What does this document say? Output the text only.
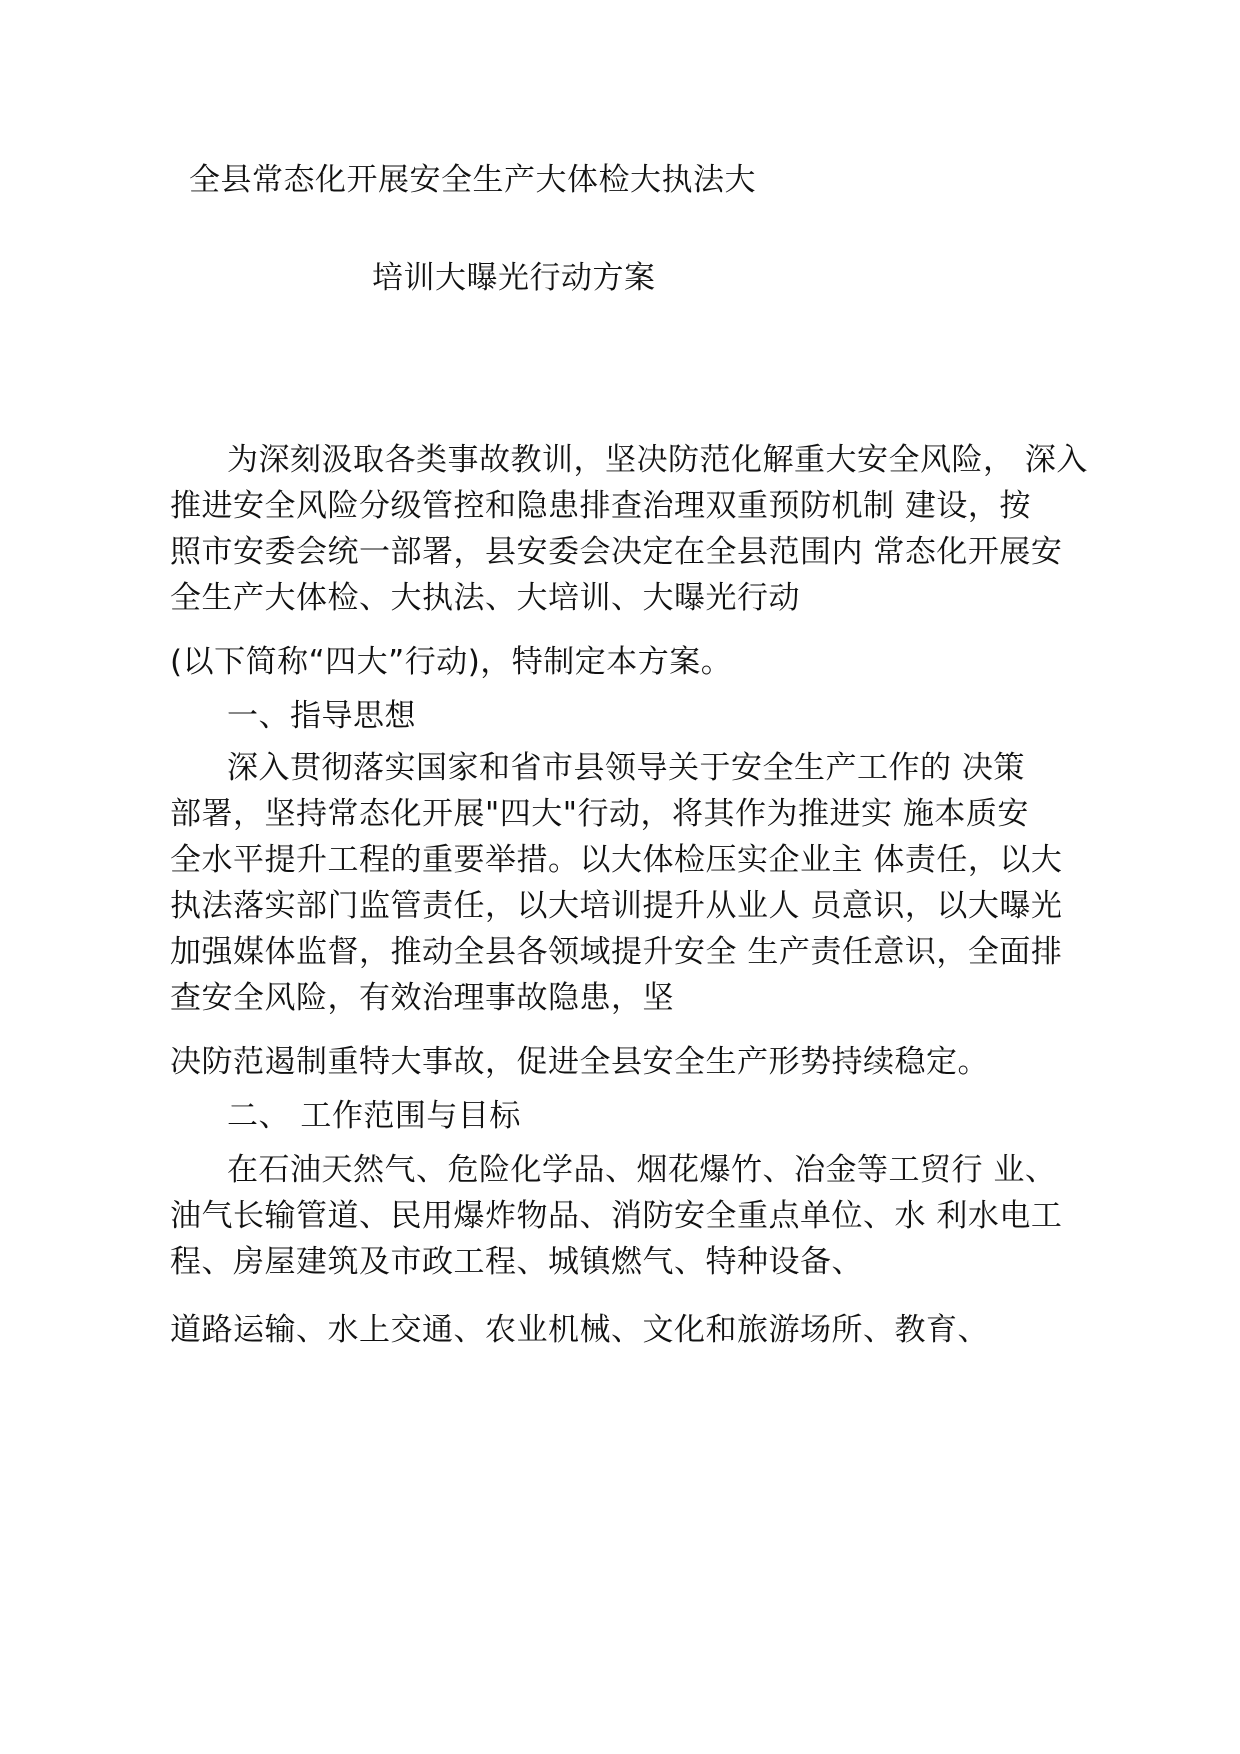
全县常态化开展安全生产大体检大执法大
培训大曝光行动方案
为深刻汲取各类事故教训，坚决防范化解重大安全风险， 深入
推进安全风险分级管控和隐患排查治理双重预防机制 建设，按
照市安委会统一部署，县安委会决定在全县范围内 常态化开展安
全生产大体检、大执法、大培训、大曝光行动
(以下简称“四大”行动)，特制定本方案。
一、指导思想
深入贯彻落实国家和省市县领导关于安全生产工作的 决策
部署，坚持常态化开展"四大"行动，将其作为推进实 施本质安
全水平提升工程的重要举措。以大体检压实企业主 体责任，以大
执法落实部门监管责任，以大培训提升从业人 员意识，以大曝光
加强媒体监督，推动全县各领域提升安全 生产责任意识，全面排
查安全风险，有效治理事故隐患，坚
决防范遏制重特大事故，促进全县安全生产形势持续稳定。
二、 工作范围与目标
在石油天然气、危险化学品、烟花爆竹、冶金等工贸行 业、
油气长输管道、民用爆炸物品、消防安全重点单位、水 利水电工
程、房屋建筑及市政工程、城镇燃气、特种设备、
道路运输、水上交通、农业机械、文化和旅游场所、教育、
